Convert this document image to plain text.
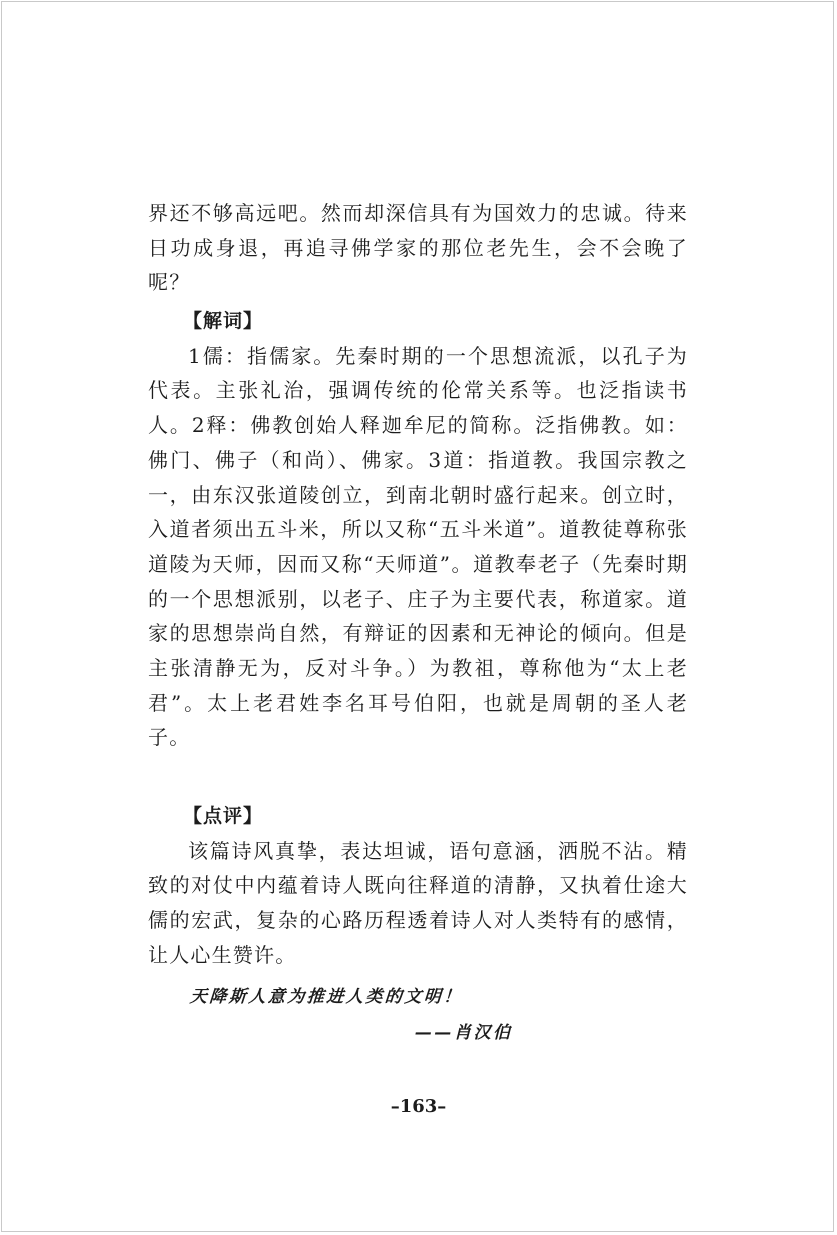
界还不够高远吧。然而却深信具有为国效力的忠诚。待来日功成身退，再追寻佛学家的那位老先生，会不会晚了呢？

【解词】

1儒：指儒家。先秦时期的一个思想流派，以孔子为代表。主张礼治，强调传统的伦常关系等。也泛指读书人。2释：佛教创始人释迦牟尼的简称。泛指佛教。如：佛门、佛子（和尚）、佛家。3道：指道教。我国宗教之一，由东汉张道陵创立，到南北朝时盛行起来。创立时，入道者须出五斗米，所以又称“五斗米道”。道教徒尊称张道陵为天师，因而又称“天师道”。道教奉老子（先秦时期的一个思想派别，以老子、庄子为主要代表，称道家。道家的思想崇尚自然，有辩证的因素和无神论的倾向。但是主张清静无为，反对斗争。）为教祖，尊称他为“太上老君”。太上老君姓李名耳号伯阳，也就是周朝的圣人老子。

【点评】

该篇诗风真挚，表达坦诚，语句意涵，洒脱不沾。精致的对仗中内蕴着诗人既向往释道的清静，又执着仕途大儒的宏武，复杂的心路历程透着诗人对人类特有的感情，让人心生赞许。

天降斯人意为推进人类的文明！
——肖汉伯
–163–
